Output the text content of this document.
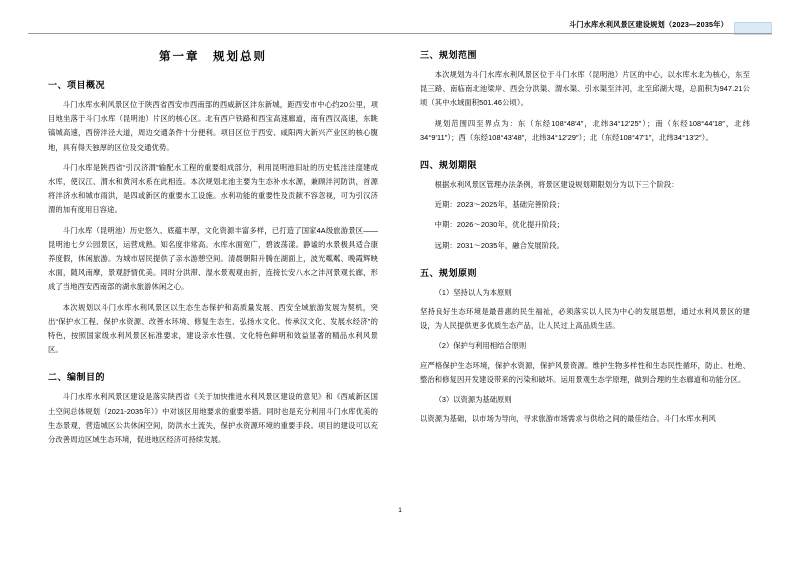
斗门水库水利风景区建设规划（2023—2035年）
第一章　规划总则
一、项目概况

斗门水库水利风景区位于陕西省西安市西南部的西咸新区沣东新城，距西安市中心约20公里，项目地坐落于斗门水库（昆明池）片区的核心区。北有西户铁路和西宝高速廊道，南有西汉高速，东眺镐城高速，西傍沣泾大道，周边交通条件十分便利。项目区位于西安、咸阳两大新兴产业区的核心腹地，具有得天独厚的区位及交通优势。

斗门水库是陕西省“引汉济渭”输配水工程的重要组成部分，利用昆明池旧址的历史低洼洼窪建成水库，使汉江、渭水和黄河水系在此相连。本次规划北池主要为生态补水水源，兼顾沣河防洪，首源将沣济水和城市雨洪，是四或新区的重要水工设施。水利功能的重要性及贡献不容忽视，可为引汉济渭的加有度用日容途。

斗门水库（昆明池）历史悠久、底蕴丰厚，文化资源丰富多样，已打造了国家4A级旅游景区——昆明池七夕公园景区，运营成熟。知名度非常高。水库水面宽广，碧波荡漾。静谧的水景极具适合康养度假，休闲旅游。为城市居民提供了亲水游憩空间。清晨朝阳升腾在湖面上，波光粼粼、晚霞辉映水面，随风南摩，景观舒情优美。同时分洪滞、湿水景观观由折，连接长安八水之沣河景观长廊，形成了当地西安西南部的湖水旅游休闲之心。

本次规划以斗门水库水利风景区以生态生态保护和高质量发展、西安全域旅游发展为契机，突出“保护水工程、保护水资源、改善水环境、修复生态生、弘扬水文化、传承汉文化、发展水经济”的特色，按照国家级水利风景区标准要求，建设亲水性强、文化特色鲜明和效益显著的精品水利风景区。

二、编制目的

斗门水库水利风景区建设是落实陕西省《关于加快推进水利风景区建设的意见》和《西咸新区国土空间总体规划（2021-2035年）》中对该区用地要求的重要举措。同时也是充分利用斗门水库优美的生态景观，营造城区公共休闲空间，防洪水土流失，保护水资源环境的重要手段。项目的建设可以充分改善周边区域生态环境，促进地区经济可持续发展。

三、规划范围

本次规划为斗门水库水利风景区位于斗门水库（昆明池）片区的中心，以水库水北为核心，东至昆三路、南临南北池梁岸、西会分洪渠、渭水渠、引水渠至沣河，北至邱湖大堤，总面积为947.21公顷（其中水域面积501.46公顷）。

规划范围四至界点为：东（东经108°48′4″，北纬34°12′25″）；南（东经108°44′18″，北纬34°9′11″）；西（东经108°43′48″，北纬34°12′29″）；北（东经108°47′1″，北纬34°13′2″）。

四、规划期限

根据水利风景区管理办法条例，将景区建设规划期限划分为以下三个阶段：

近期：2023～2025年，基础完善阶段；

中期：2026～2030年，优化提升阶段；

远期：2031～2035年，融合发展阶段。

五、规划原则
（1）坚持以人为本原则

坚持良好生态环境是最普惠的民生福祉，必须落实以人民为中心的发展思想，通过水利风景区的建设，为人民提供更多优质生态产品，让人民过上高品质生活。

（2）保护与利用相结合原则

应严格保护生态环境，保护水资源，保护风景资源。维护生物多样性和生态民性循环，防止、杜绝、整治和修复因开发建设带来的污染和破坏。运用景观生态学原理，做到合理的生态廊道和功能分区。

（3）以资源为基础原则

以资源为基础，以市场为导向，寻求旅游市场需求与供给之间的最佳结合。斗门水库水利风

1
